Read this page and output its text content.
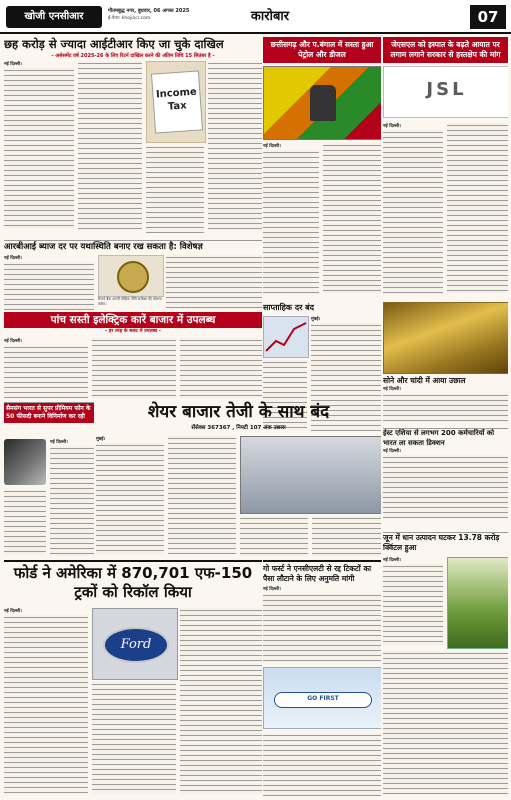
खोजी एनसीआर	गौतमबुद्ध नगर, बुधवार, 06 अगस्त 2025
ई-पेपर: khojincr.com	कारोबार	07
छह करोड़ से ज्यादा आईटीआर किए जा चुके दाखिल
- असेसमेंट वर्ष 2025-26 के लिए रिटर्न दाखिल करने की अंतिम तिथि 15 सितंबर है -
नई दिल्ली।
Income Tax
छत्तीसगढ़ और प.बंगाल में सस्ता हुआ पेट्रोल और डीजल
नई दिल्ली।
जेएसएल को इस्पात के बढ़ते आयात पर लगाम लगाने सरकार से हस्तक्षेप की मांग
JSL
नई दिल्ली।
आरबीआई ब्याज दर पर यथास्थिति बनाए रख सकता है: विशेषज्ञ
नई दिल्ली।
रिजर्व बैंक अपनी मौद्रिक नीति समीक्षा की घोषणा करेगा।
पांच सस्ती इलेक्ट्रिक कारें बाजार में उपलब्ध
- हर तरह के बजट में उपलब्ध -
नई दिल्ली।
साप्ताहिक दर बंद
मुंबई।
सोने और चांदी में आया उछाल
नई दिल्ली।
सैमसंग भारत से सुपर प्रीमियम फोन के 50 फीसदी बनाने विनिर्माण कर रही
नई दिल्ली।
शेयर बाजार तेजी के साथ बंद
सेंसेक्स 367367 , निफ्टी 107 अंक उछला
मुंबई।
ईस्ट एशिया से लगभग 200 कर्मचारियों को भारत ला सकता डिक्शन
नई दिल्ली।
फोर्ड ने अमेरिका में 870,701 एफ-150 ट्रकों को रिकॉल किया
नई दिल्ली।
Ford
गो फर्स्ट ने एनसीएलटी से रद्द टिकटों का पैसा लौटाने के लिए अनुमति मांगी
नई दिल्ली।
GO FIRST
जून में धान उत्पादन घटकर 13.78 करोड़ क्विंटल हुआ
नई दिल्ली।
